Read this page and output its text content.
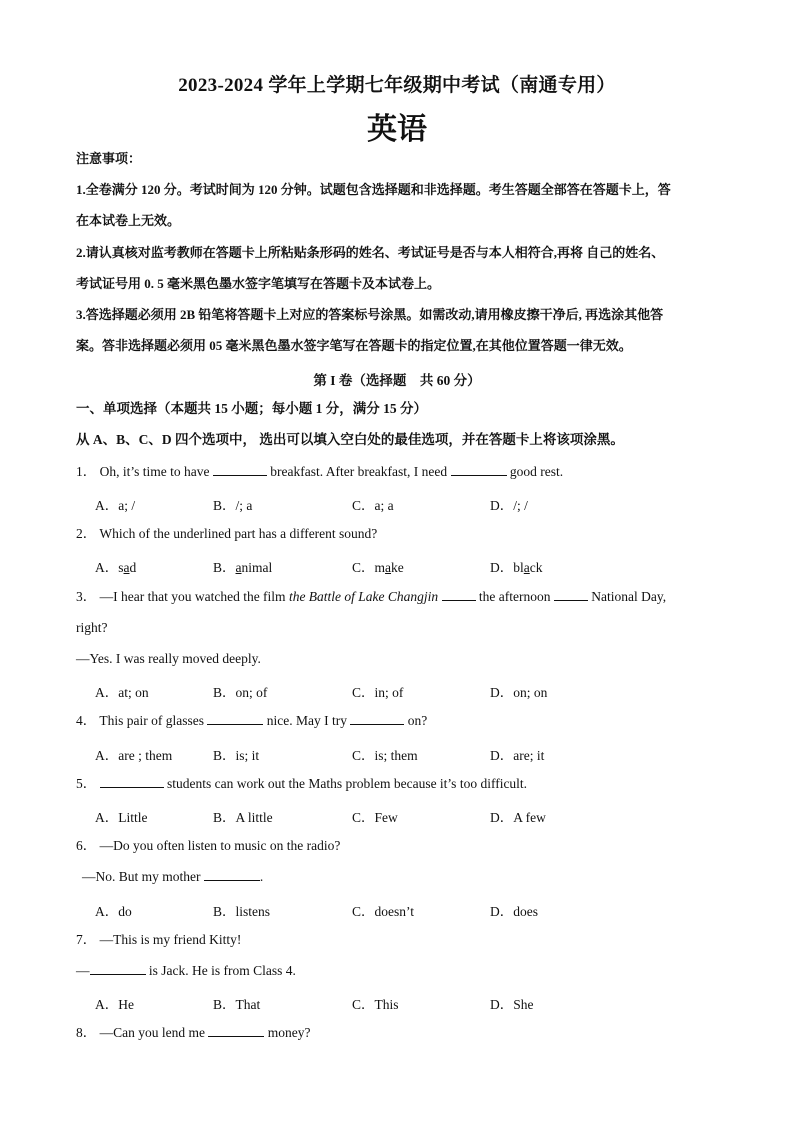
2023-2024 学年上学期七年级期中考试（南通专用）
英语
注意事项：
1.全卷满分 120 分。考试时间为 120 分钟。试题包含选择题和非选择题。考生答题全部答在答题卡上，答
在本试卷上无效。
2.请认真核对监考教师在答题卡上所粘贴条形码的姓名、考试证号是否与本人相符合,再将 自己的姓名、
考试证号用 0. 5 毫米黑色墨水签字笔填写在答题卡及本试卷上。
3.答选择题必须用 2B 铅笔将答题卡上对应的答案标号涂黑。如需改动,请用橡皮擦干净后, 再选涂其他答
案。答非选择题必须用 05 毫米黑色墨水签字笔写在答题卡的指定位置,在其他位置答题一律无效。
第 I 卷（选择题　共 60 分）
一、单项选择（本题共 15 小题；每小题 1 分，满分 15 分）
从 A、B、C、D 四个选项中， 选出可以填入空白处的最佳选项，并在答题卡上将该项涂黑。
1． Oh, it’s time to have	breakfast. After breakfast, I need	good rest.
A．a; /	B．/; a	C．a; a	D．/; /
2． Which of the underlined part has a different sound?
A．sad	B．animal	C．make	D．black
3． —I hear that you watched the film the Battle of Lake Changjin	the afternoon	National Day,
right?
—Yes. I was really moved deeply.
A．at; on	B．on; of	C．in; of	D．on; on
4． This pair of glasses	nice. May I try	on?
A．are ; them	B．is; it	C．is; them	D．are; it
5．	students can work out the Maths problem because it’s too difficult.
A．Little	B．A little	C．Few	D．A few
6． —Do you often listen to music on the radio?
—No. But my mother	.
A．do	B．listens	C．doesn’t	D．does
7． —This is my friend Kitty!
—	is Jack. He is from Class 4.
A．He	B．That	C．This	D．She
8． —Can you lend me	money?
